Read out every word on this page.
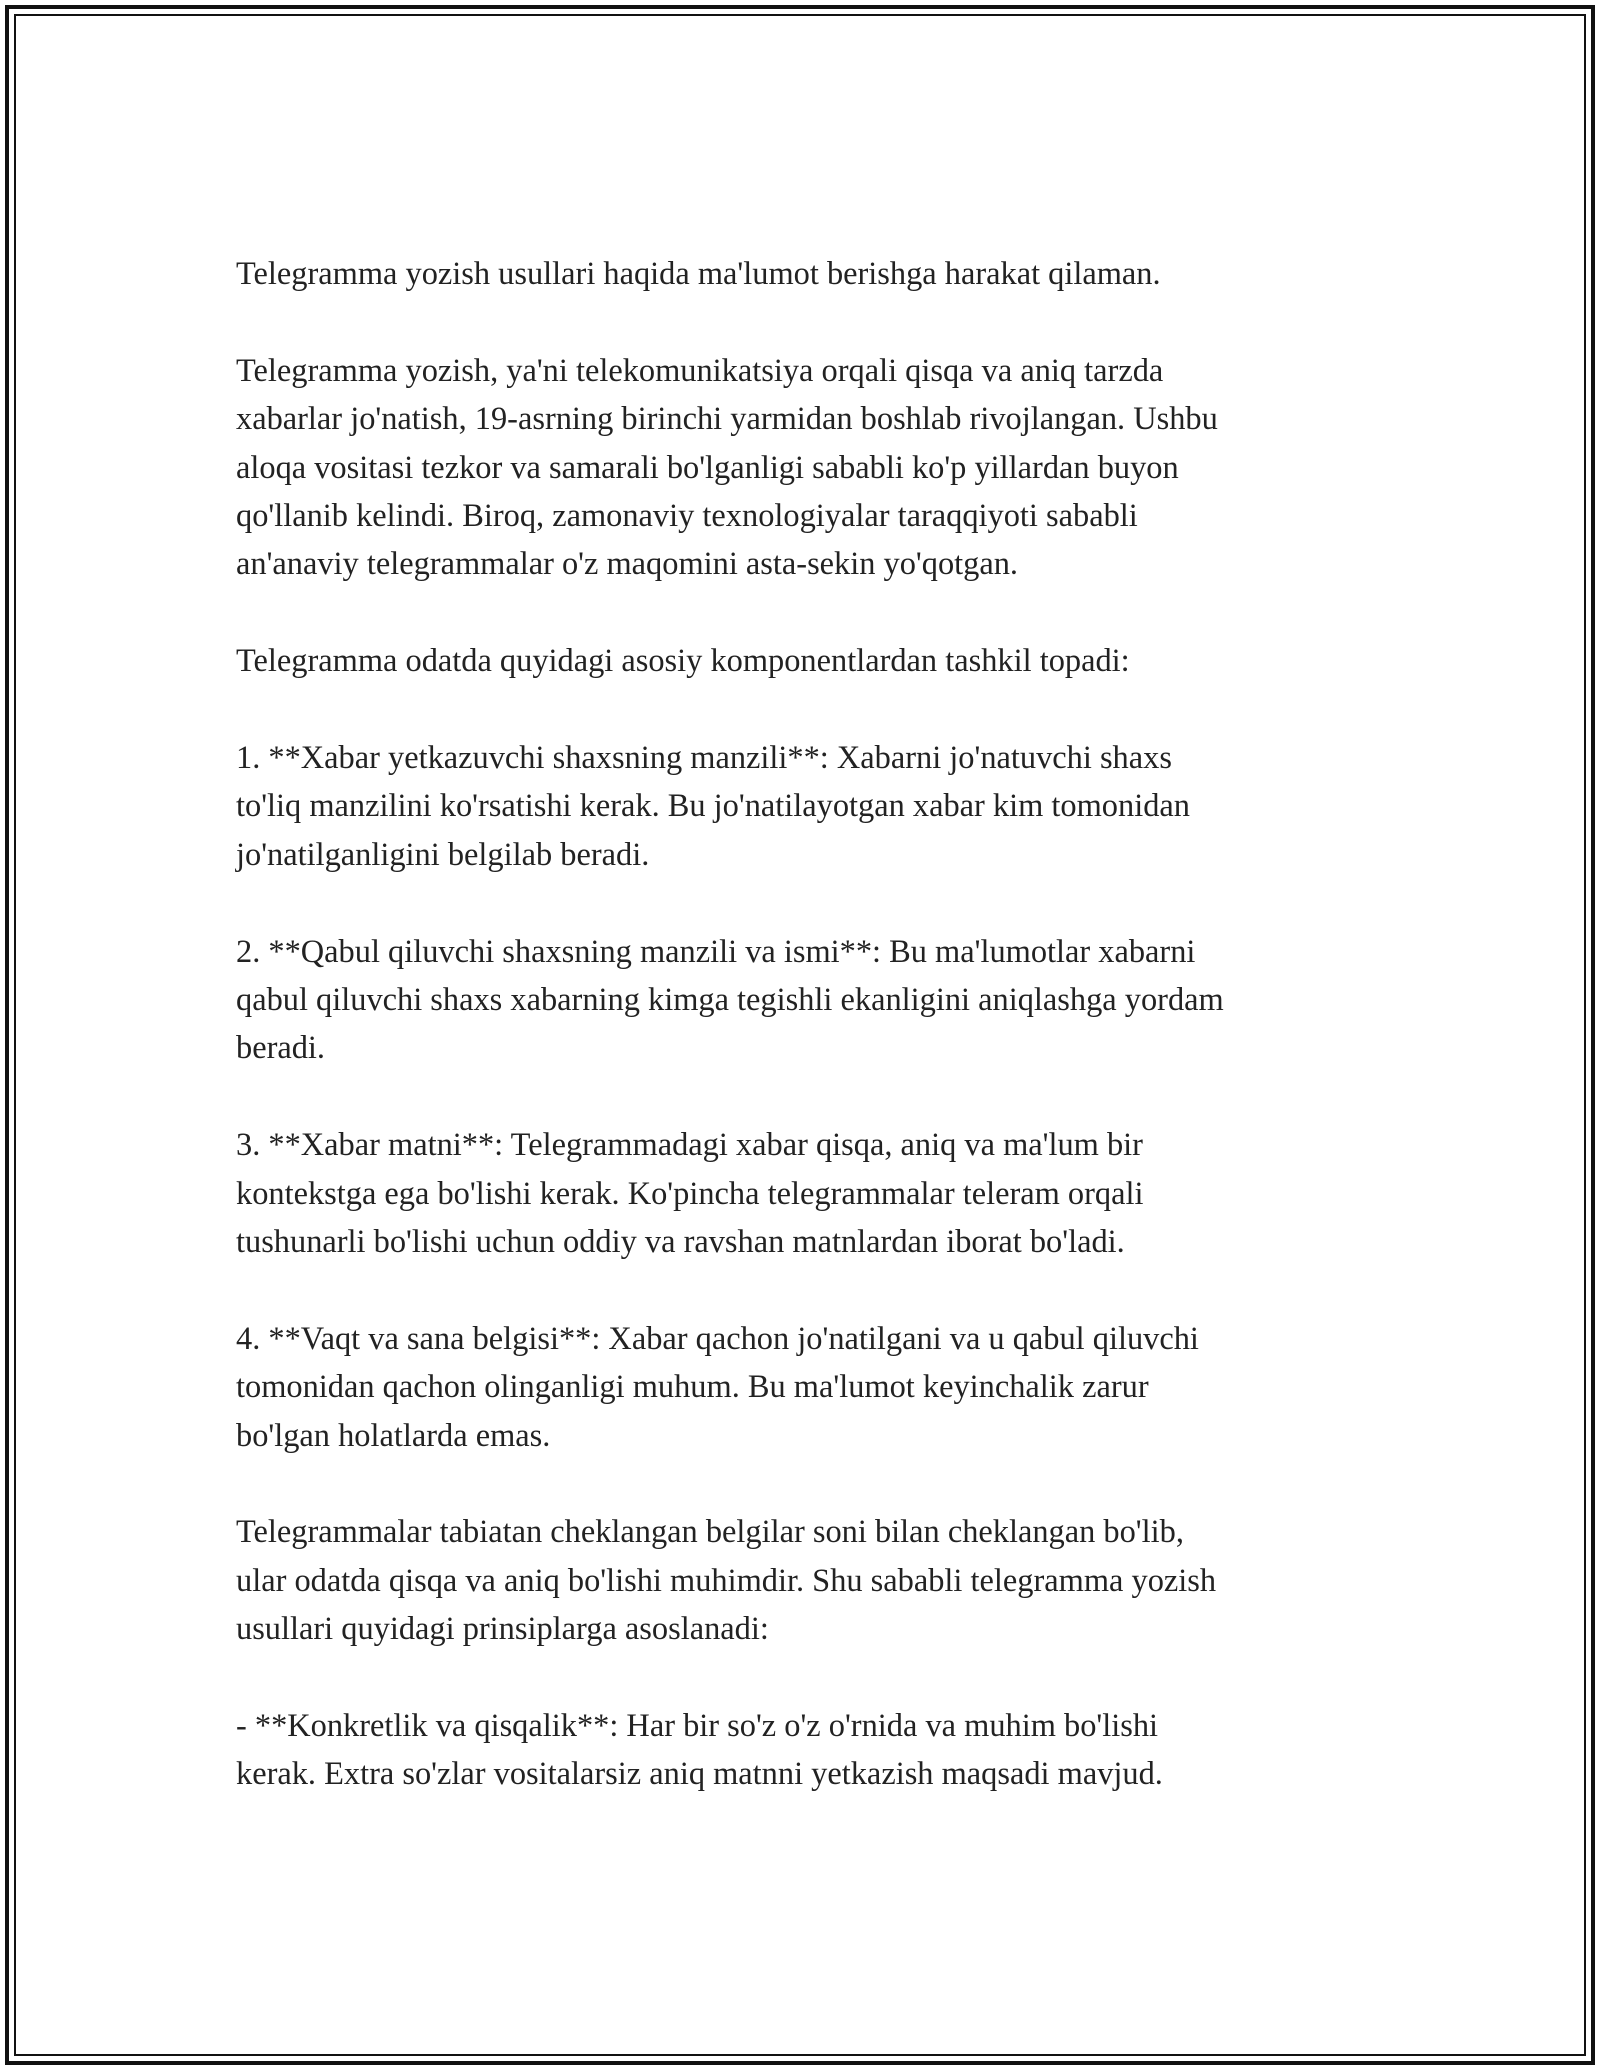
Telegramma yozish usullari haqida ma'lumot berishga harakat qilaman.

Telegramma yozish, ya'ni telekomunikatsiya orqali qisqa va aniq tarzda
xabarlar jo'natish, 19-asrning birinchi yarmidan boshlab rivojlangan. Ushbu
aloqa vositasi tezkor va samarali bo'lganligi sababli ko'p yillardan buyon
qo'llanib kelindi. Biroq, zamonaviy texnologiyalar taraqqiyoti sababli
an'anaviy telegrammalar o'z maqomini asta-sekin yo'qotgan.

Telegramma odatda quyidagi asosiy komponentlardan tashkil topadi:

1. **Xabar yetkazuvchi shaxsning manzili**: Xabarni jo'natuvchi shaxs
to'liq manzilini ko'rsatishi kerak. Bu jo'natilayotgan xabar kim tomonidan
jo'natilganligini belgilab beradi.

2. **Qabul qiluvchi shaxsning manzili va ismi**: Bu ma'lumotlar xabarni
qabul qiluvchi shaxs xabarning kimga tegishli ekanligini aniqlashga yordam
beradi.

3. **Xabar matni**: Telegrammadagi xabar qisqa, aniq va ma'lum bir
kontekstga ega bo'lishi kerak. Ko'pincha telegrammalar teleram orqali
tushunarli bo'lishi uchun oddiy va ravshan matnlardan iborat bo'ladi.

4. **Vaqt va sana belgisi**: Xabar qachon jo'natilgani va u qabul qiluvchi
tomonidan qachon olinganligi muhum. Bu ma'lumot keyinchalik zarur
bo'lgan holatlarda emas.

Telegrammalar tabiatan cheklangan belgilar soni bilan cheklangan bo'lib,
ular odatda qisqa va aniq bo'lishi muhimdir. Shu sababli telegramma yozish
usullari quyidagi prinsiplarga asoslanadi:

- **Konkretlik va qisqalik**: Har bir so'z o'z o'rnida va muhim bo'lishi
kerak. Extra so'zlar vositalarsiz aniq matnni yetkazish maqsadi mavjud.
